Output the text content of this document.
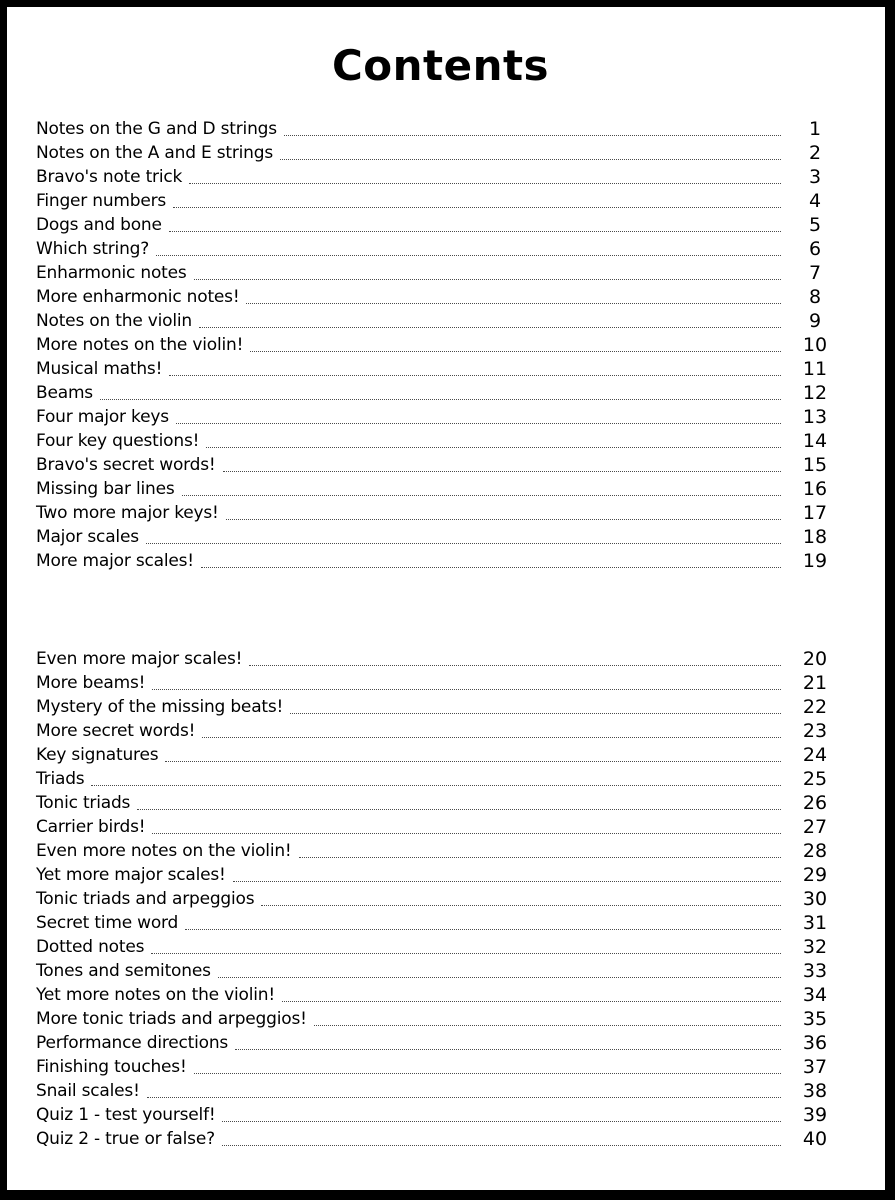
Contents
Notes on the G and D strings	1
Notes on the A and E strings	2
Bravo's note trick	3
Finger numbers	4
Dogs and bone	5
Which string?	6
Enharmonic notes	7
More enharmonic notes!	8
Notes on the violin	9
More notes on the violin!	10
Musical maths!	11
Beams	12
Four major keys	13
Four key questions!	14
Bravo's secret words!	15
Missing bar lines	16
Two more major keys!	17
Major scales	18
More major scales!	19
Even more major scales!	20
More beams!	21
Mystery of the missing beats!	22
More secret words!	23
Key signatures	24
Triads	25
Tonic triads	26
Carrier birds!	27
Even more notes on the violin!	28
Yet more major scales!	29
Tonic triads and arpeggios	30
Secret time word	31
Dotted notes	32
Tones and semitones	33
Yet more notes on the violin!	34
More tonic triads and arpeggios!	35
Performance directions	36
Finishing touches!	37
Snail scales!	38
Quiz 1 - test yourself!	39
Quiz 2 - true or false?	40
